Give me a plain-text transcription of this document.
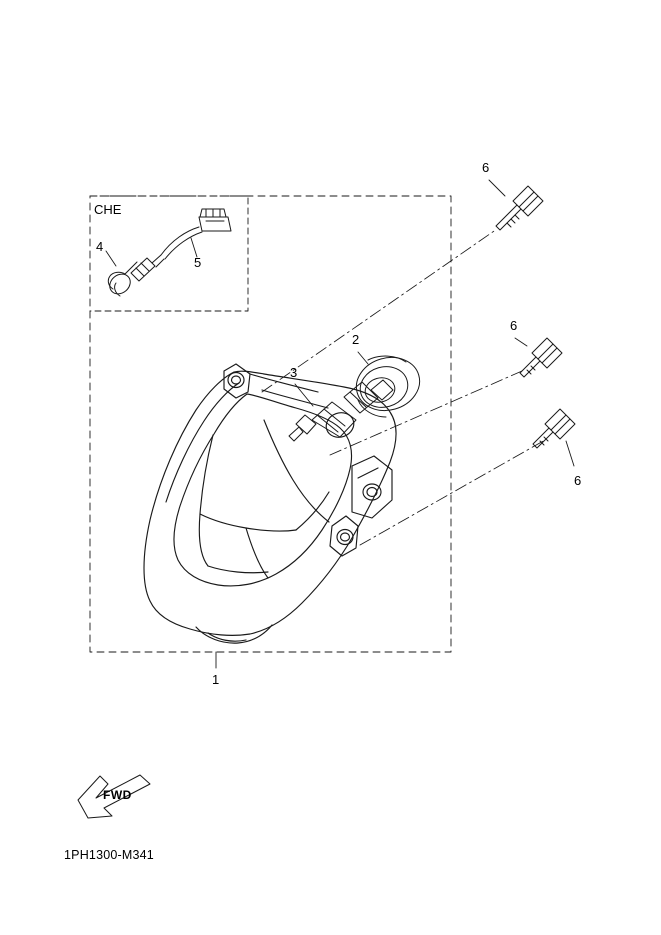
CHE
4
5
6
6
6
2
3
1
FWD
1PH1300-M341
